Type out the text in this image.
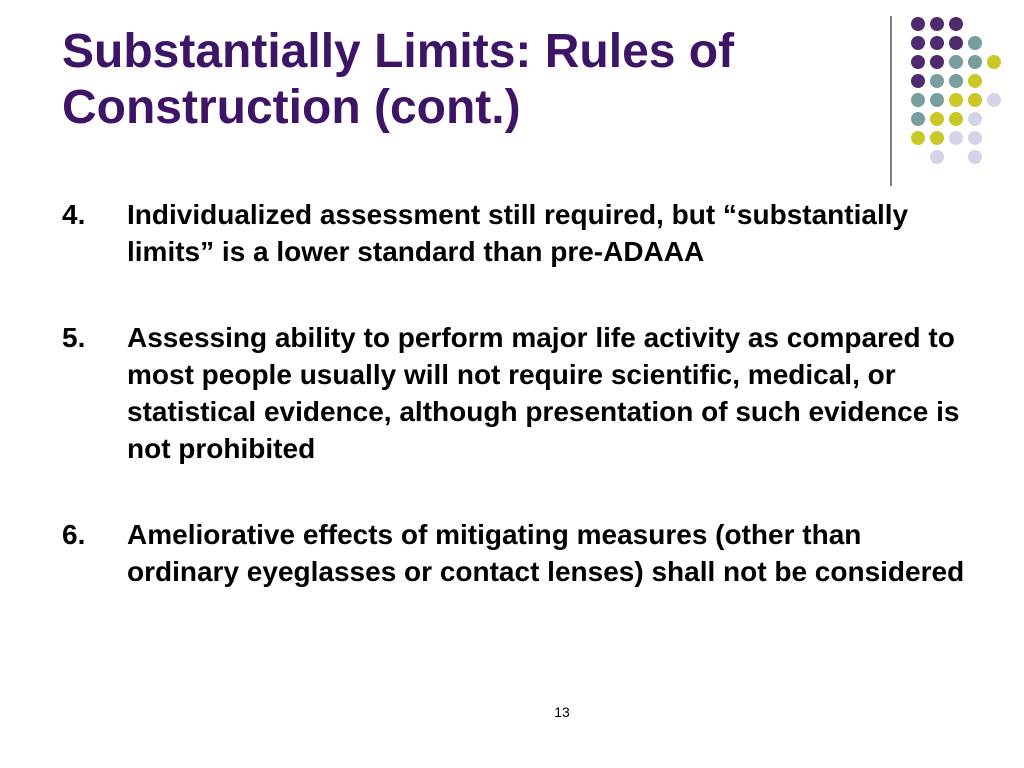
Substantially Limits: Rules of
Construction (cont.)
4. Individualized assessment still required, but “substantially limits” is a lower standard than pre-ADAAA
5. Assessing ability to perform major life activity as compared to most people usually will not require scientific, medical, or statistical evidence, although presentation of such evidence is not prohibited
6. Ameliorative effects of mitigating measures (other than ordinary eyeglasses or contact lenses) shall not be considered
13
